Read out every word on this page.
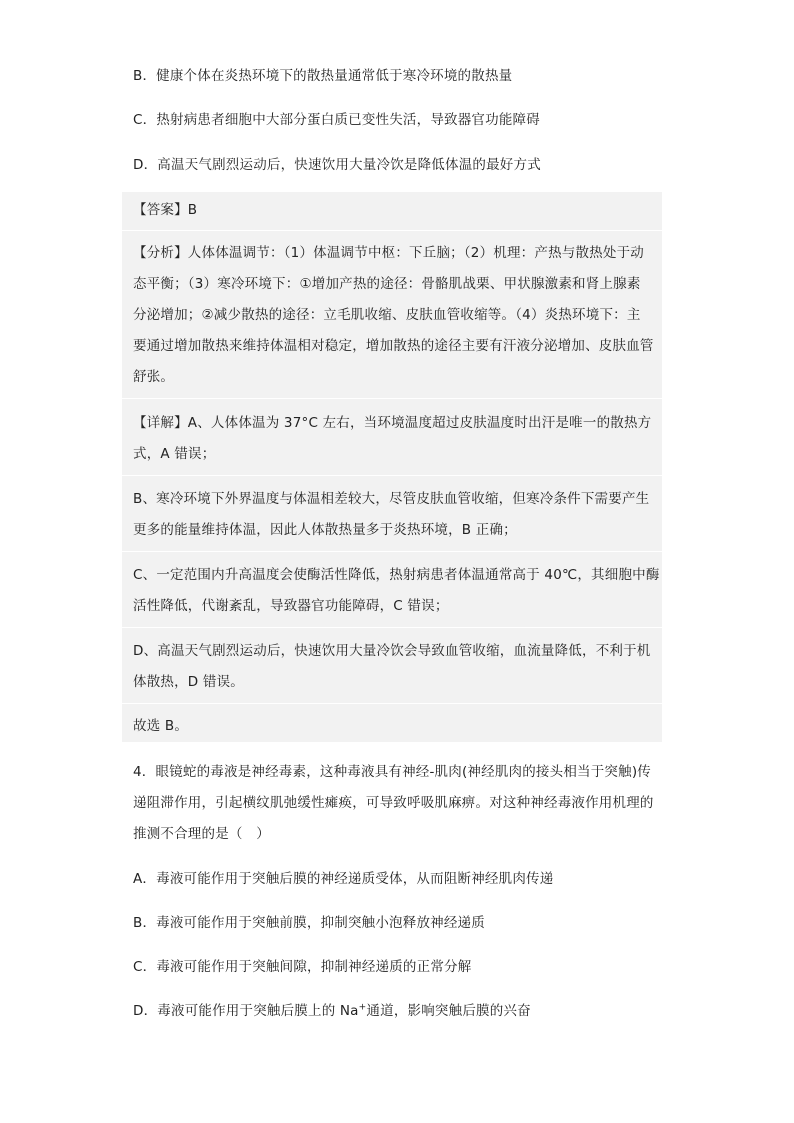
B．健康个体在炎热环境下的散热量通常低于寒冷环境的散热量
C．热射病患者细胞中大部分蛋白质已变性失活，导致器官功能障碍
D．高温天气剧烈运动后，快速饮用大量冷饮是降低体温的最好方式
【答案】B
【分析】人体体温调节：（1）体温调节中枢：下丘脑；（2）机理：产热与散热处于动
态平衡；（3）寒冷环境下：①增加产热的途径：骨骼肌战栗、甲状腺激素和肾上腺素
分泌增加；②减少散热的途径：立毛肌收缩、皮肤血管收缩等。（4）炎热环境下：主
要通过增加散热来维持体温相对稳定，增加散热的途径主要有汗液分泌增加、皮肤血管
舒张。
【详解】A、人体体温为 37°C 左右，当环境温度超过皮肤温度时出汗是唯一的散热方
式，A 错误；
B、寒冷环境下外界温度与体温相差较大，尽管皮肤血管收缩，但寒冷条件下需要产生
更多的能量维持体温，因此人体散热量多于炎热环境，B 正确；
C、一定范围内升高温度会使酶活性降低，热射病患者体温通常高于 40℃，其细胞中酶
活性降低，代谢紊乱，导致器官功能障碍，C 错误；
D、高温天气剧烈运动后，快速饮用大量冷饮会导致血管收缩，血流量降低，不利于机
体散热，D 错误。
故选 B。
4．眼镜蛇的毒液是神经毒素，这种毒液具有神经-肌肉(神经肌肉的接头相当于突触)传
递阻滞作用，引起横纹肌弛缓性瘫痪，可导致呼吸肌麻痹。对这种神经毒液作用机理的
推测不合理的是（　）
A．毒液可能作用于突触后膜的神经递质受体，从而阻断神经肌肉传递
B．毒液可能作用于突触前膜，抑制突触小泡释放神经递质
C．毒液可能作用于突触间隙，抑制神经递质的正常分解
D．毒液可能作用于突触后膜上的 Na+通道，影响突触后膜的兴奋
